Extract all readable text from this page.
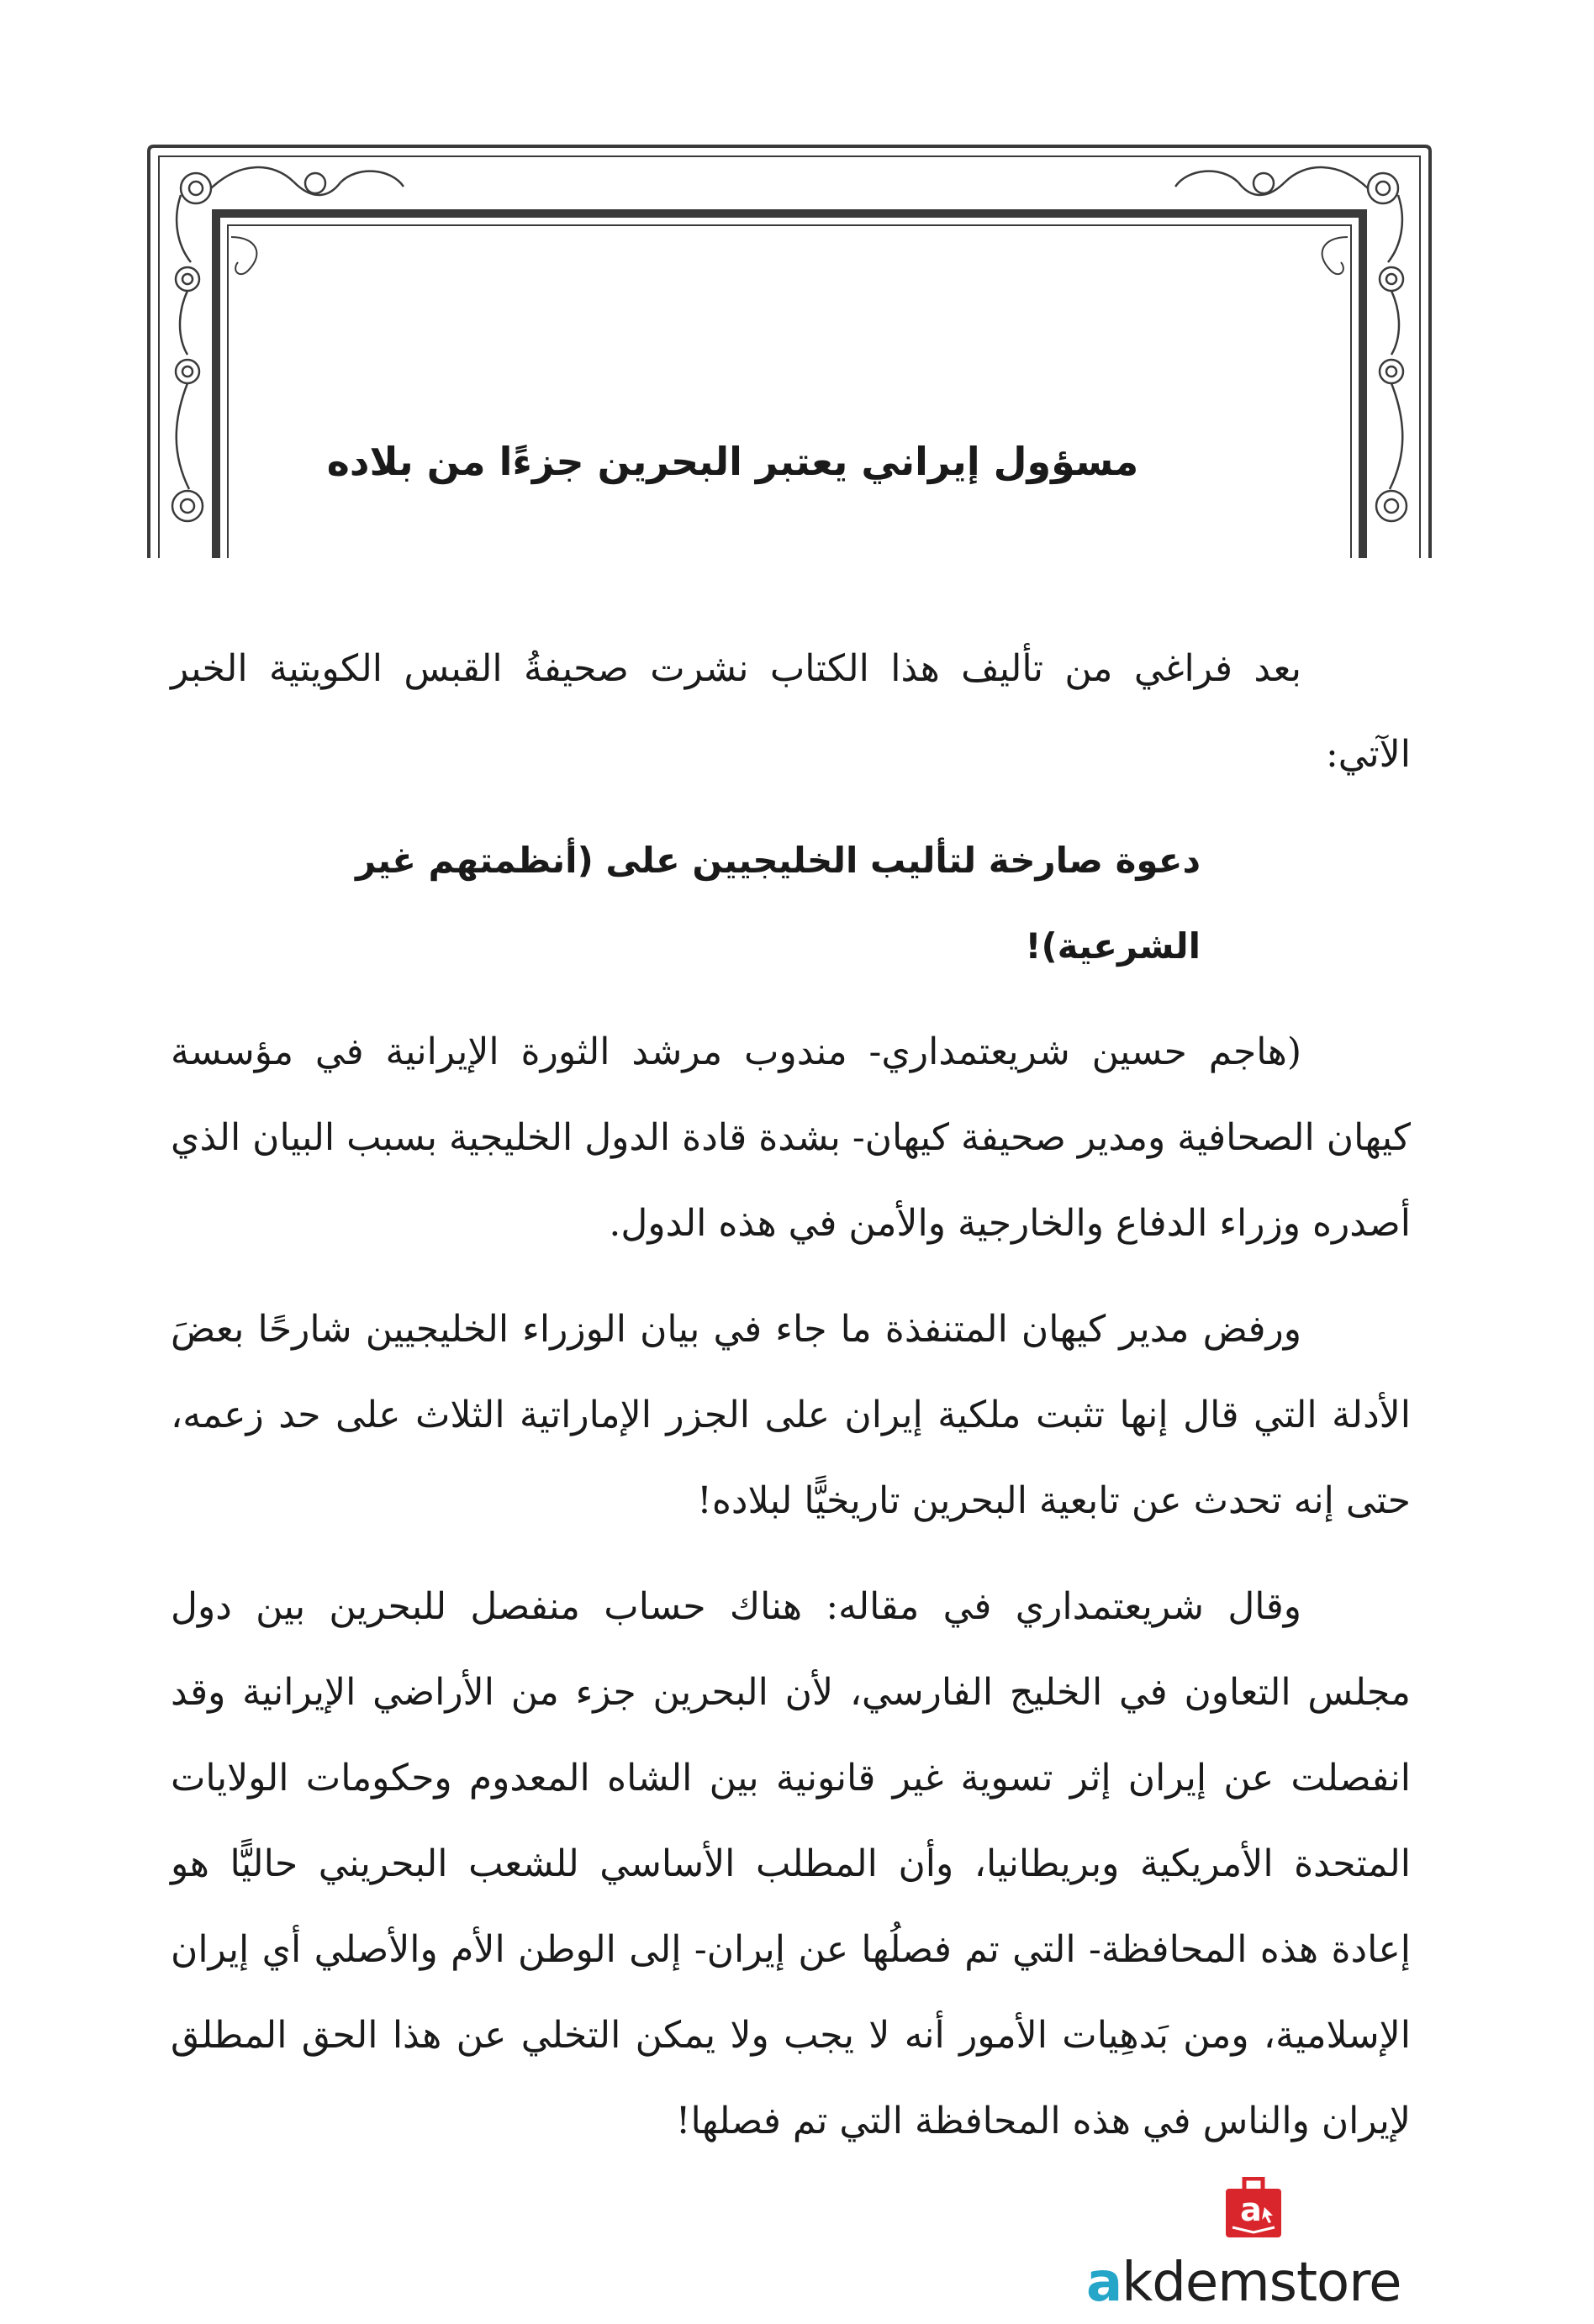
مسؤول إيراني يعتبر البحرين جزءًا من بلاده

بعد فراغي من تأليف هذا الكتاب نشرت صحيفةُ القبس الكويتية الخبر الآتي:

دعوة صارخة لتأليب الخليجيين على (أنظمتهم غير الشرعية)!

(هاجم حسين شريعتمداري- مندوب مرشد الثورة الإيرانية في مؤسسة كيهان الصحافية ومدير صحيفة كيهان- بشدة قادة الدول الخليجية بسبب البيان الذي أصدره وزراء الدفاع والخارجية والأمن في هذه الدول.

ورفض مدير كيهان المتنفذة ما جاء في بيان الوزراء الخليجيين شارحًا بعضَ الأدلة التي قال إنها تثبت ملكية إيران على الجزر الإماراتية الثلاث على حد زعمه، حتى إنه تحدث عن تابعية البحرين تاريخيًّا لبلاده!

وقال شريعتمداري في مقاله: هناك حساب منفصل للبحرين بين دول مجلس التعاون في الخليج الفارسي، لأن البحرين جزء من الأراضي الإيرانية وقد انفصلت عن إيران إثر تسوية غير قانونية بين الشاه المعدوم وحكومات الولايات المتحدة الأمريكية وبريطانيا، وأن المطلب الأساسي للشعب البحريني حاليًّا هو إعادة هذه المحافظة- التي تم فصلُها عن إيران- إلى الوطن الأم والأصلي أي إيران الإسلامية، ومن بَدهِيات الأمور أنه لا يجب ولا يمكن التخلي عن هذا الحق المطلق لإيران والناس في هذه المحافظة التي تم فصلها!

a
akdemstore
